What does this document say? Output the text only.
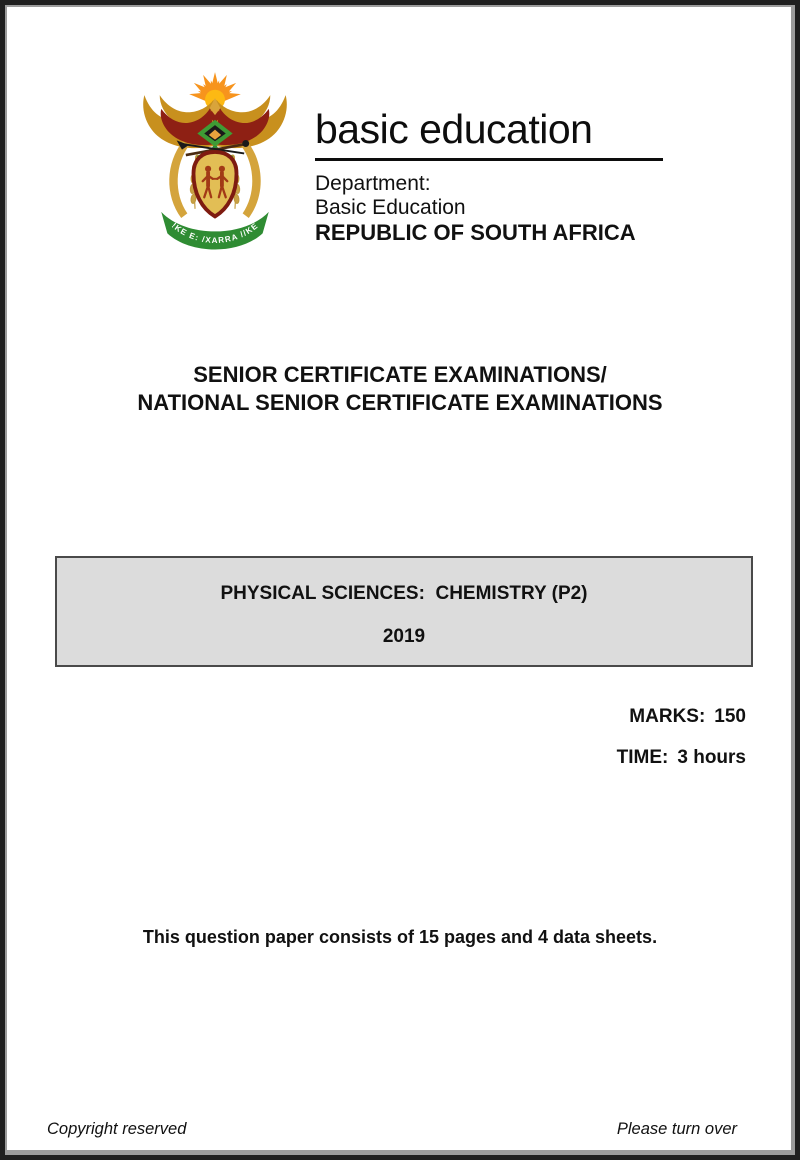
!KE E: /XARRA //KE
basic education
Department:
Basic Education
REPUBLIC OF SOUTH AFRICA
SENIOR CERTIFICATE EXAMINATIONS/
NATIONAL SENIOR CERTIFICATE EXAMINATIONS
PHYSICAL SCIENCES:  CHEMISTRY (P2)
2019
MARKS: 150
TIME: 3 hours
This question paper consists of 15 pages and 4 data sheets.
Copyright reserved	Please turn over
